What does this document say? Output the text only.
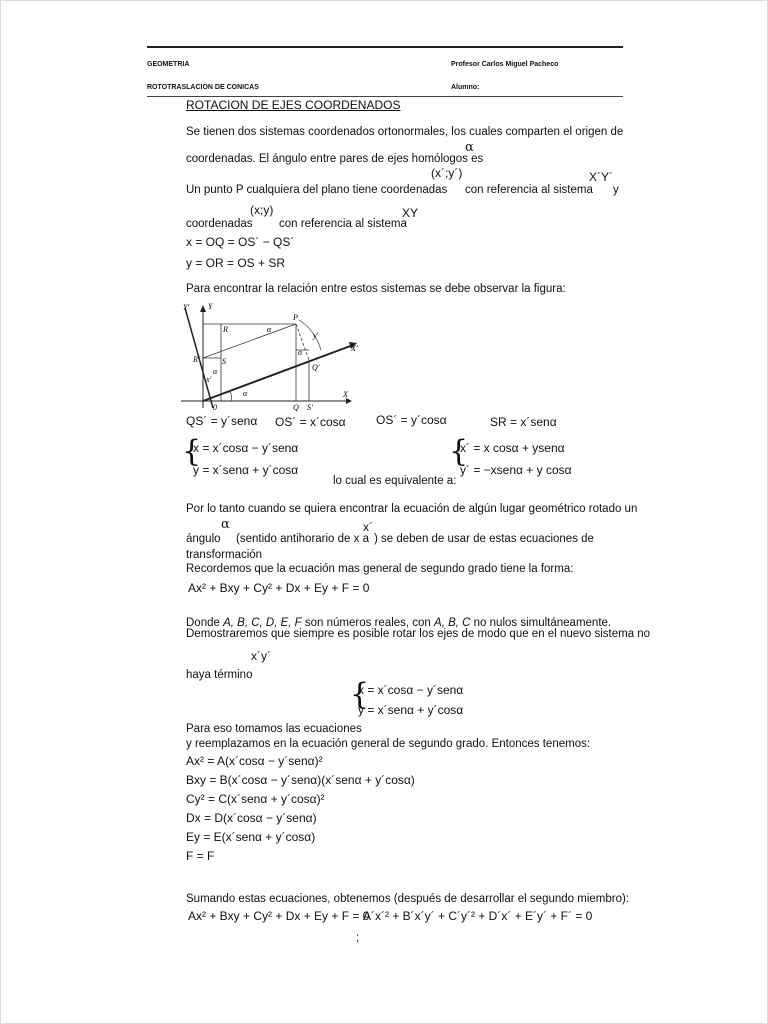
GEOMETRIA	Profesor Carlos Miguel Pacheco
ROTOTRASLACION DE CONICAS	Alumno:
ROTACION DE EJES COORDENADOS
Se tienen dos sistemas coordenados ortonormales, los cuales comparten el origen de
α
coordenadas. El ángulo entre pares de ejes homólogos es
(x´;y´)	X´Y´
Un punto P cualquiera del plano tiene coordenadas con referencia al sistema y
(x;y)	XY
coordenadas con referencia al sistema
x = OQ = OS´ − QS´
y = OR = OS + SR
Para encontrar la relación entre estos sistemas se debe observar la figura:
Y' Y
P
R
R'	S
α
y'
x'
α
α
Q'
X'
X
α
0	Q S'
QS´ = y´senα OS´ = x´cosα	OS´ = y´cosα	SR = x´senα
{
x = x´cosα − y´senα
y = x´senα + y´cosα
lo cual es equivalente a:
{
x´ = x cosα + ysenα
y´ = −xsenα + y cosα
Por lo tanto cuando se quiera encontrar la ecuación de algún lugar geométrico rotado un
α	x´
ángulo (sentido antihorario de x a ) se deben de usar de estas ecuaciones de
transformación
Recordemos que la ecuación mas general de segundo grado tiene la forma:
Ax² + Bxy + Cy² + Dx + Ey + F = 0
Donde A, B, C, D, E, F son números reales, con A, B, C no nulos simultáneamente.
Demostraremos que siempre es posible rotar los ejes de modo que en el nuevo sistema no
x´y´
haya término
{
x = x´cosα − y´senα
y = x´senα + y´cosα
Para eso tomamos las ecuaciones
y reemplazamos en la ecuación general de segundo grado. Entonces tenemos:
Ax² = A(x´cosα − y´senα)²
Bxy = B(x´cosα − y´senα)(x´senα + y´cosα)
Cy² = C(x´senα + y´cosα)²
Dx = D(x´cosα − y´senα)
Ey = E(x´senα + y´cosα)
F = F
Sumando estas ecuaciones, obtenemos (después de desarrollar el segundo miembro):
Ax² + Bxy + Cy² + Dx + Ey + F = 0
A´x´² + B´x´y´ + C´y´² + D´x´ + E´y´ + F´ = 0
;
